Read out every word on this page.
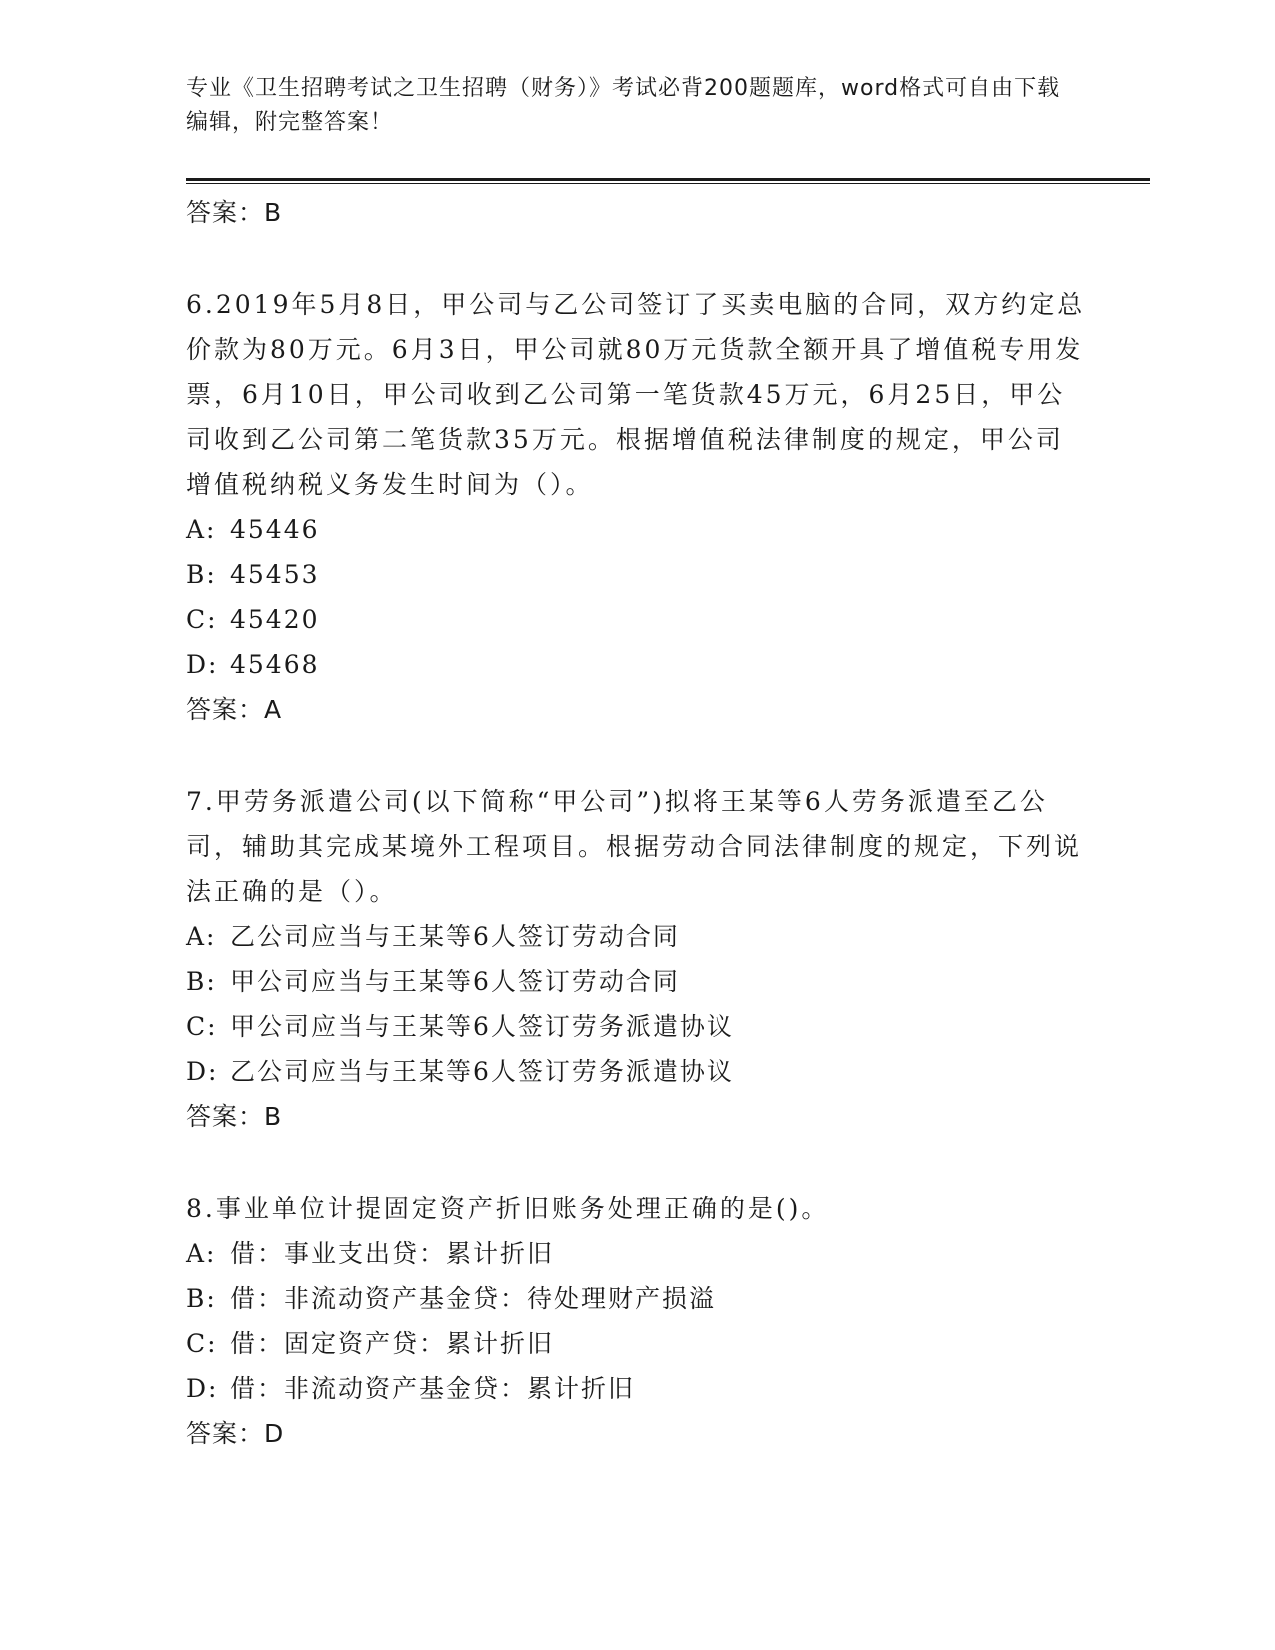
专业《卫生招聘考试之卫生招聘（财务）》考试必背200题题库，word格式可自由下载编辑，附完整答案！
答案：B

6.2019年5月8日，甲公司与乙公司签订了买卖电脑的合同，双方约定总价款为80万元。6月3日，甲公司就80万元货款全额开具了增值税专用发票，6月10日，甲公司收到乙公司第一笔货款45万元，6月25日，甲公司收到乙公司第二笔货款35万元。根据增值税法律制度的规定，甲公司增值税纳税义务发生时间为（）。

A: 45446
B: 45453
C: 45420
D: 45468
答案：A

7.甲劳务派遣公司(以下简称“甲公司”)拟将王某等6人劳务派遣至乙公司，辅助其完成某境外工程项目。根据劳动合同法律制度的规定，下列说法正确的是（）。

A: 乙公司应当与王某等6人签订劳动合同
B: 甲公司应当与王某等6人签订劳动合同
C: 甲公司应当与王某等6人签订劳务派遣协议
D: 乙公司应当与王某等6人签订劳务派遣协议
答案：B

8.事业单位计提固定资产折旧账务处理正确的是()。

A: 借：事业支出贷：累计折旧
B: 借：非流动资产基金贷：待处理财产损溢
C: 借：固定资产贷：累计折旧
D: 借：非流动资产基金贷：累计折旧
答案：D
